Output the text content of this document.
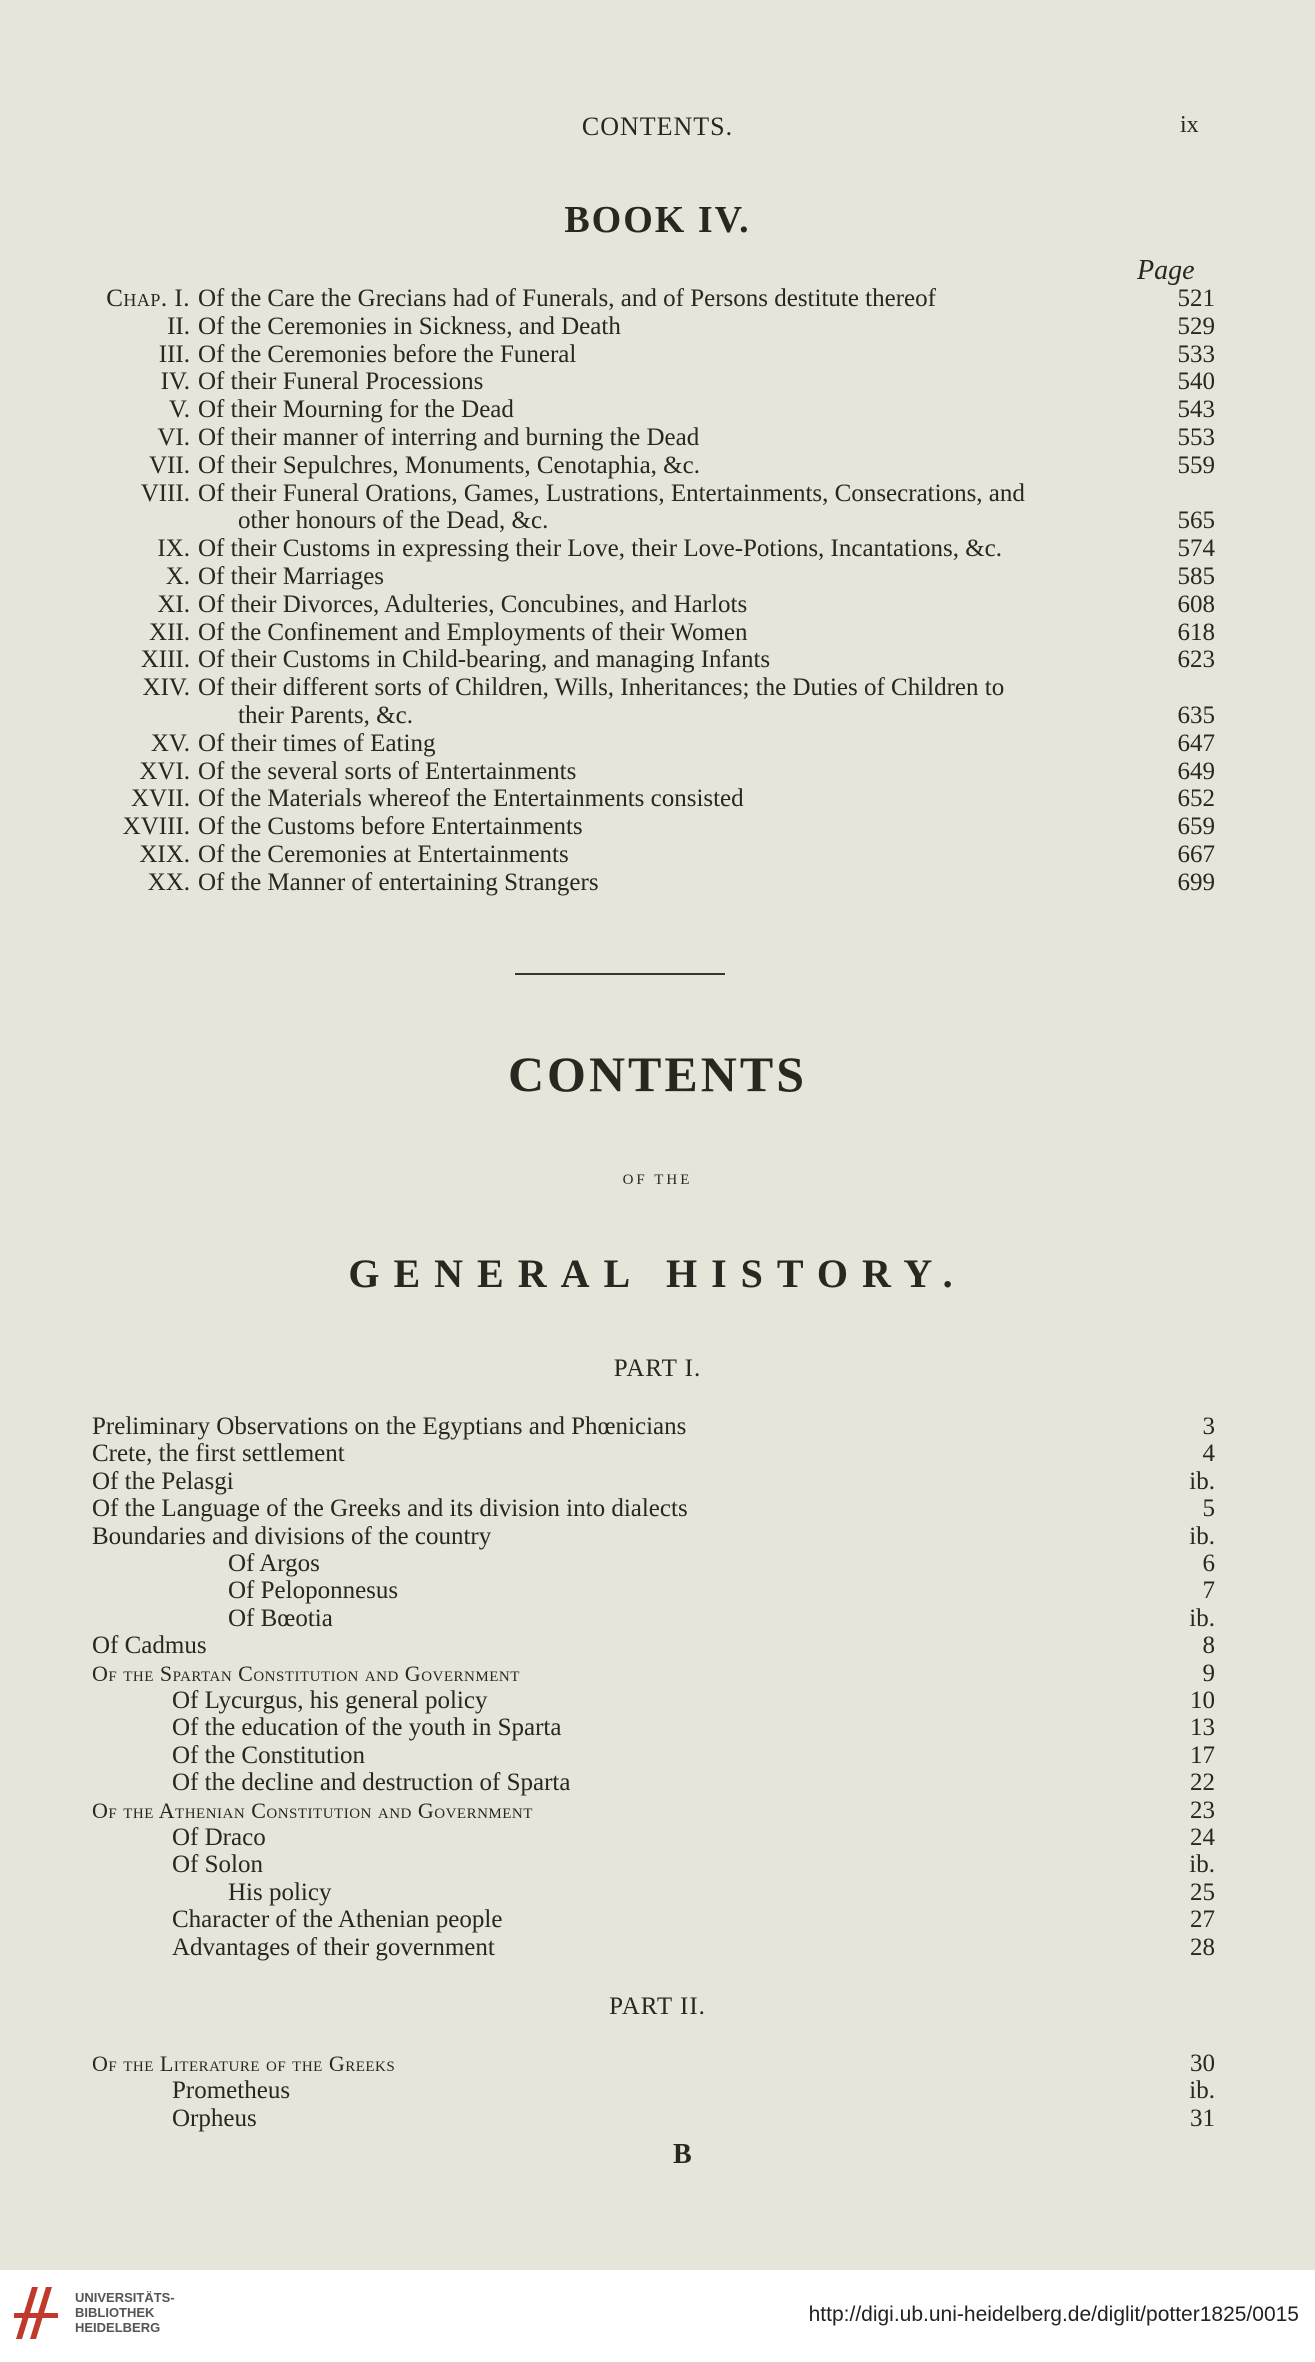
CONTENTS.	ix
BOOK IV.
Page
Chap. I. Of the Care the Grecians had of Funerals, and of Persons destitute thereof	521
II. Of the Ceremonies in Sickness, and Death	529
III. Of the Ceremonies before the Funeral	533
IV. Of their Funeral Processions	540
V. Of their Mourning for the Dead	543
VI. Of their manner of interring and burning the Dead	553
VII. Of their Sepulchres, Monuments, Cenotaphia, &c.	559
VIII. Of their Funeral Orations, Games, Lustrations, Entertainments, Consecrations, and
other honours of the Dead, &c.	565
IX. Of their Customs in expressing their Love, their Love-Potions, Incantations, &c.	574
X. Of their Marriages	585
XI. Of their Divorces, Adulteries, Concubines, and Harlots	608
XII. Of the Confinement and Employments of their Women	618
XIII. Of their Customs in Child-bearing, and managing Infants	623
XIV. Of their different sorts of Children, Wills, Inheritances; the Duties of Children to
their Parents, &c.	635
XV. Of their times of Eating	647
XVI. Of the several sorts of Entertainments	649
XVII. Of the Materials whereof the Entertainments consisted	652
XVIII. Of the Customs before Entertainments	659
XIX. Of the Ceremonies at Entertainments	667
XX. Of the Manner of entertaining Strangers	699
CONTENTS
OF THE
GENERAL HISTORY.
PART I.
Preliminary Observations on the Egyptians and Phœnicians	3
Crete, the first settlement	4
Of the Pelasgi	ib.
Of the Language of the Greeks and its division into dialects	5
Boundaries and divisions of the country	ib.
Of Argos	6
Of Peloponnesus	7
Of Bœotia	ib.
Of Cadmus	8
Of the Spartan Constitution and Government	9
Of Lycurgus, his general policy	10
Of the education of the youth in Sparta	13
Of the Constitution	17
Of the decline and destruction of Sparta	22
Of the Athenian Constitution and Government	23
Of Draco	24
Of Solon	ib.
His policy	25
Character of the Athenian people	27
Advantages of their government	28
PART II.
Of the Literature of the Greeks	30
Prometheus	ib.
Orpheus	31
B
UNIVERSITÄTS-
BIBLIOTHEK
HEIDELBERG
http://digi.ub.uni-heidelberg.de/diglit/potter1825/0015
